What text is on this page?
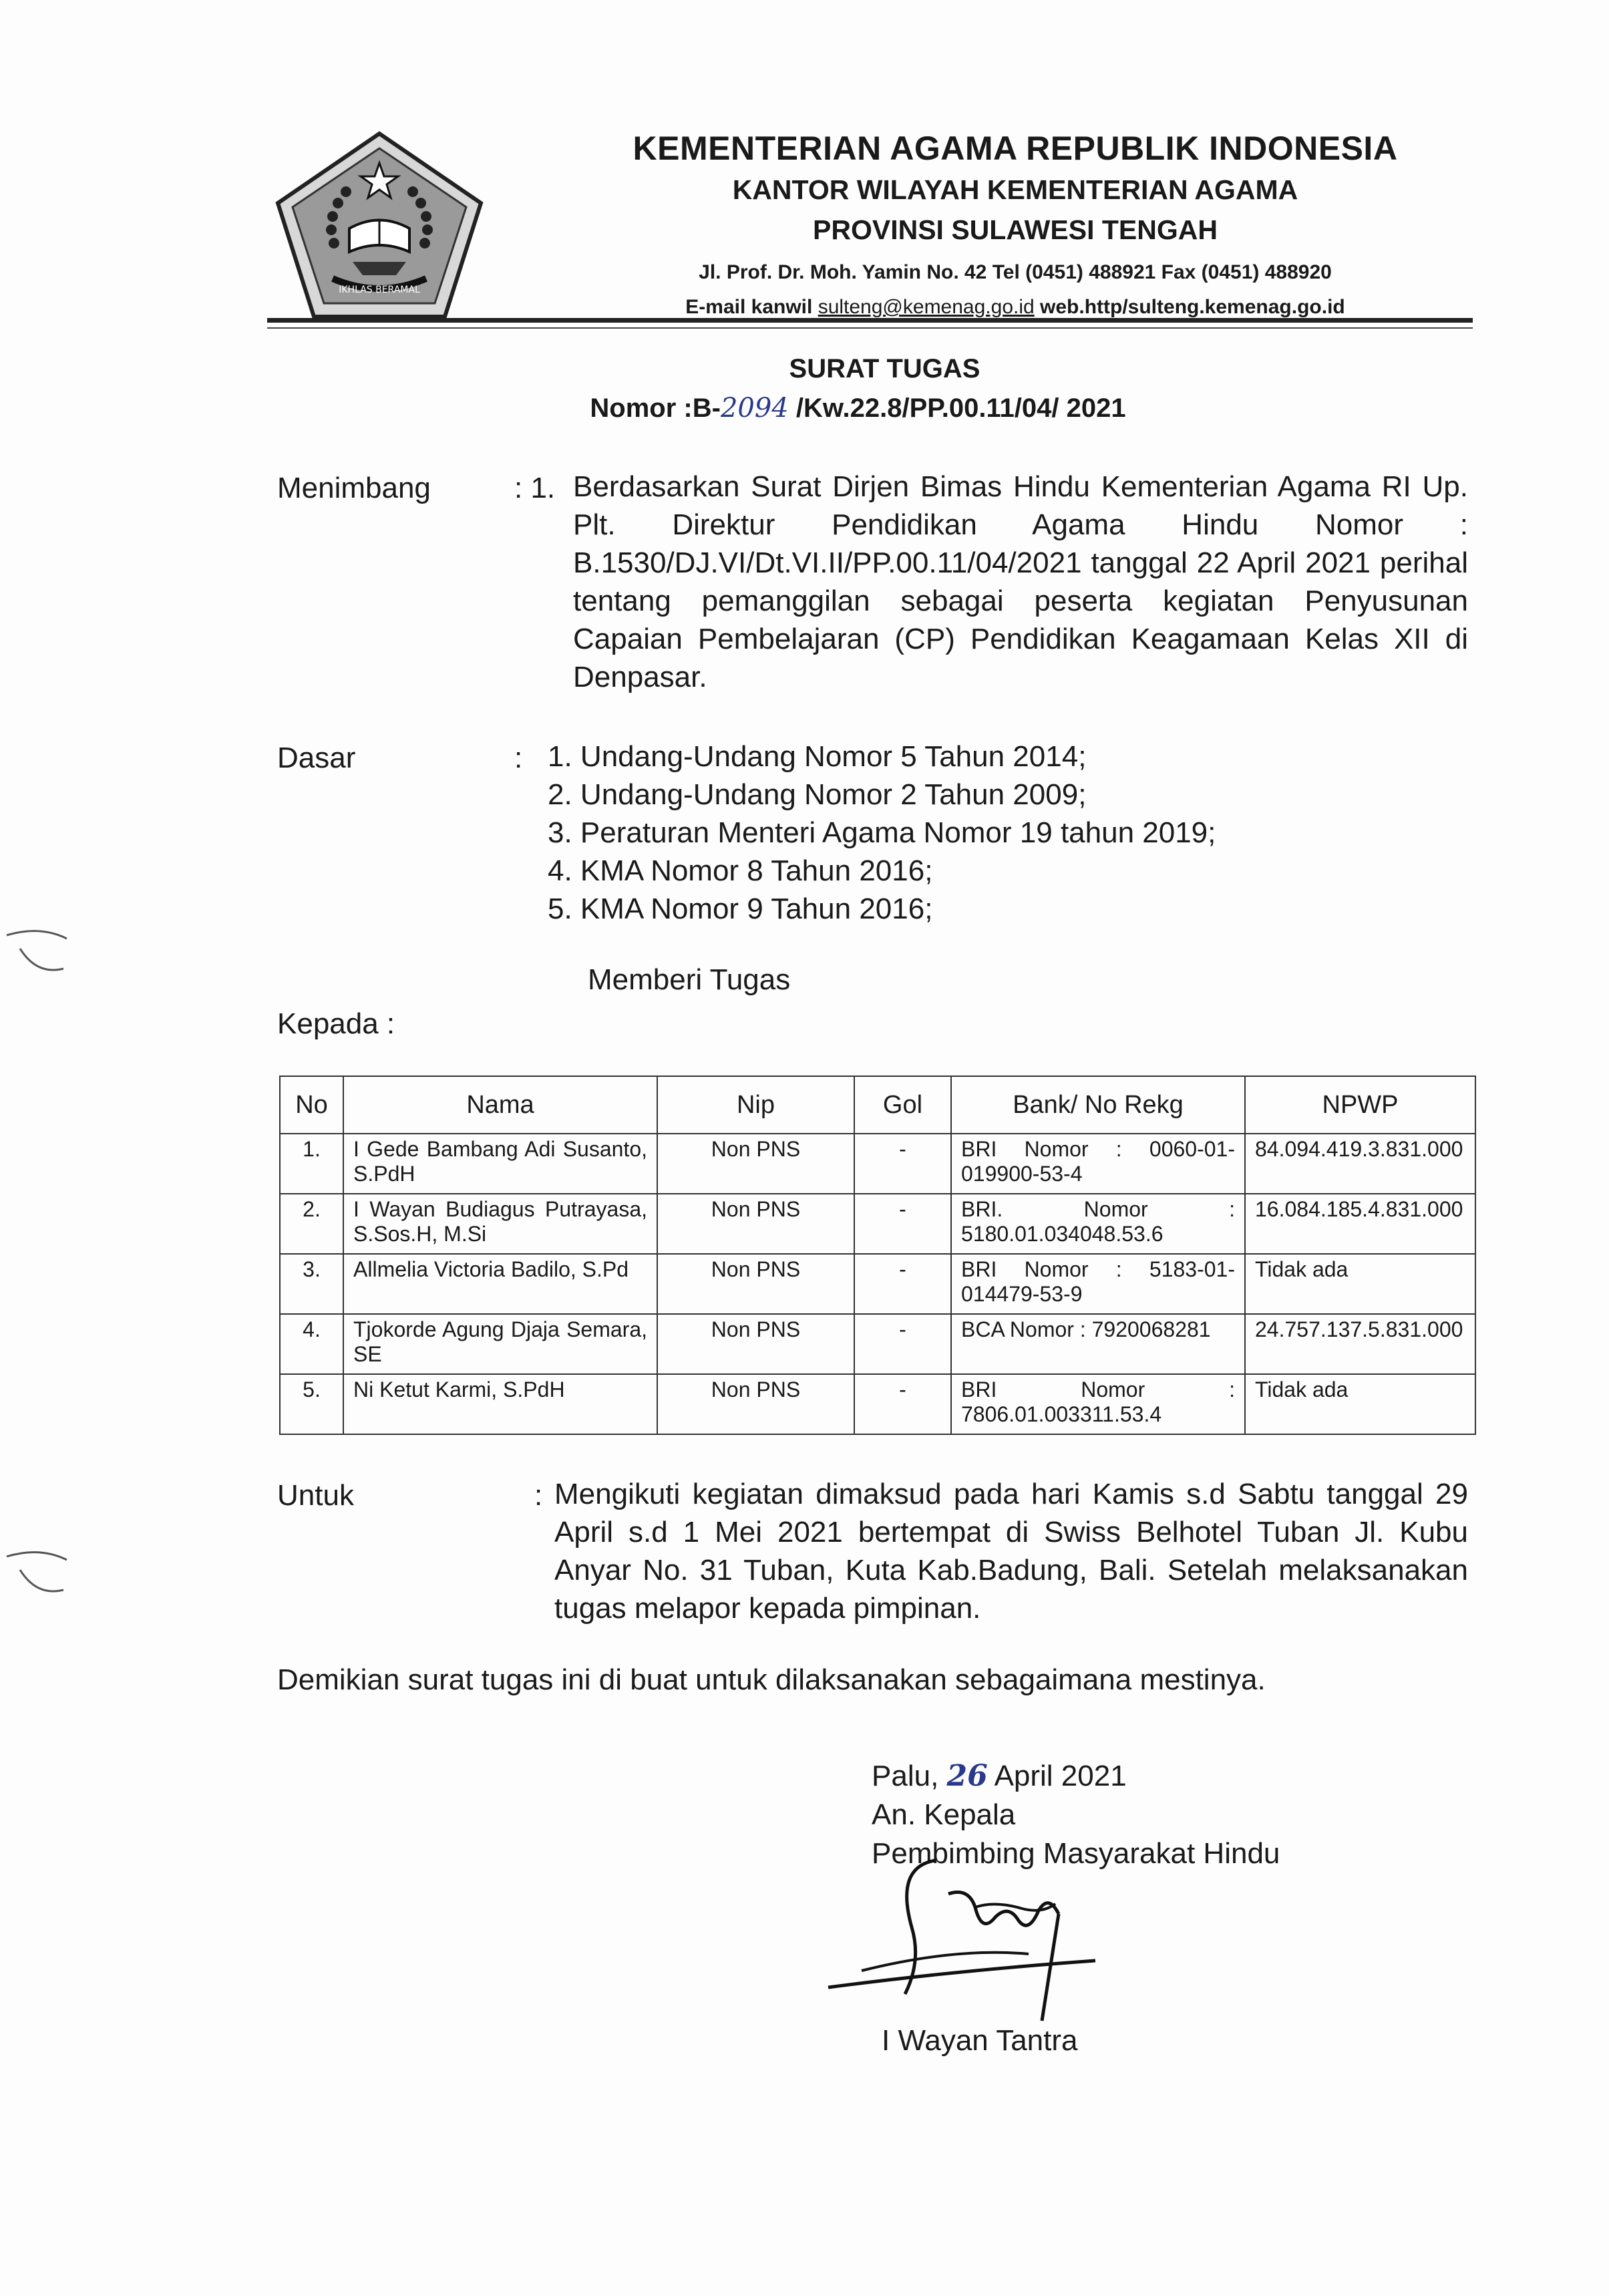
IKHLAS BERAMAL
KEMENTERIAN AGAMA REPUBLIK INDONESIA
KANTOR WILAYAH KEMENTERIAN AGAMA
PROVINSI SULAWESI TENGAH
Jl. Prof. Dr. Moh. Yamin No. 42 Tel (0451) 488921 Fax (0451) 488920
E-mail kanwil sulteng@kemenag.go.id web.http/sulteng.kemenag.go.id
SURAT TUGAS
Nomor :B-2094 /Kw.22.8/PP.00.11/04/ 2021
Menimbang	: 1. Berdasarkan Surat Dirjen Bimas Hindu Kementerian Agama RI Up. Plt. Direktur Pendidikan Agama Hindu Nomor : B.1530/DJ.VI/Dt.VI.II/PP.00.11/04/2021 tanggal 22 April 2021 perihal tentang pemanggilan sebagai peserta kegiatan Penyusunan Capaian Pembelajaran (CP) Pendidikan Keagamaan Kelas XII di Denpasar.
Dasar	: 1. Undang-Undang Nomor 5 Tahun 2014;
2. Undang-Undang Nomor 2 Tahun 2009;
3. Peraturan Menteri Agama Nomor 19 tahun 2019;
4. KMA Nomor 8 Tahun 2016;
5. KMA Nomor 9 Tahun 2016;
Memberi Tugas
Kepada :
No	Nama	Nip	Gol	Bank/ No Rekg	NPWP
1.	I Gede Bambang Adi Susanto, S.PdH	Non PNS	-	BRI Nomor : 0060-01-019900-53-4	84.094.419.3.831.000
2.	I Wayan Budiagus Putrayasa, S.Sos.H, M.Si	Non PNS	-	BRI. Nomor : 5180.01.034048.53.6	16.084.185.4.831.000
3.	Allmelia Victoria Badilo, S.Pd	Non PNS	-	BRI Nomor : 5183-01-014479-53-9	Tidak ada
4.	Tjokorde Agung Djaja Semara, SE	Non PNS	-	BCA Nomor : 7920068281	24.757.137.5.831.000
5.	Ni Ketut Karmi, S.PdH	Non PNS	-	BRI Nomor : 7806.01.003311.53.4	Tidak ada
Untuk	: Mengikuti kegiatan dimaksud pada hari Kamis s.d Sabtu tanggal 29 April s.d 1 Mei 2021 bertempat di Swiss Belhotel Tuban Jl. Kubu Anyar No. 31 Tuban, Kuta Kab.Badung, Bali. Setelah melaksanakan tugas melapor kepada pimpinan.
Demikian surat tugas ini di buat untuk dilaksanakan sebagaimana mestinya.
Palu, 26 April 2021
An. Kepala
Pembimbing Masyarakat Hindu
I Wayan Tantra
